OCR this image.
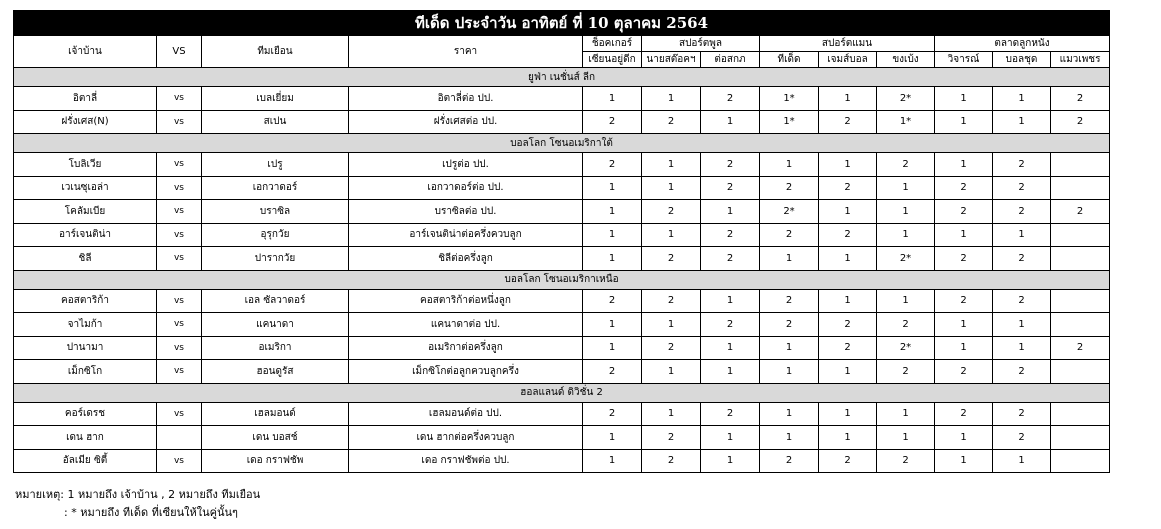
ทีเด็ด ประจำวัน อาทิตย์ ที่ 10 ตุลาคม 2564												
เจ้าบ้าน	VS	ทีมเยือน	ราคา	ช็อคเกอร์	สปอร์ตพูล		สปอร์ตแมน			ตลาดลูกหนัง		
				เซียนอยู่ดีก	นายสต๊อคฯ	ต่อสกภ	ทีเด็ด	เจมส์บอล	ขงเบ้ง	วิจารณ์	บอลชุด	แมวเพชร
ยูฟ่า เนชั่นส์ ลีก												
อิตาลี่	vs	เบลเยี่ยม	อิตาลี่ต่อ ปป.	1	1	2	1*	1	2*	1	1	2
ฝรั่งเศส(N)	vs	สเปน	ฝรั่งเศสต่อ ปป.	2	2	1	1*	2	1*	1	1	2
บอลโลก โซนอเมริกาใต้												
โบลิเวีย	vs	เปรู	เปรูต่อ ปป.	2	1	2	1	1	2	1	2	
เวเนซุเอล่า	vs	เอกวาดอร์	เอกวาดอร์ต่อ ปป.	1	1	2	2	2	1	2	2	
โคลัมเบีย	vs	บราซิล	บราซิลต่อ ปป.	1	2	1	2*	1	1	2	2	2
อาร์เจนติน่า	vs	อุรุกวัย	อาร์เจนติน่าต่อครึ่งควบลูก	1	1	2	2	2	1	1	1	
ชิลี	vs	ปารากวัย	ชิลีต่อครึ่งลูก	1	2	2	1	1	2*	2	2	
บอลโลก โซนอเมริกาเหนือ												
คอสตาริก้า	vs	เอล ซัลวาดอร์	คอสตาริก้าต่อหนึ่งลูก	2	2	1	2	1	1	2	2	
จาไมก้า	vs	แคนาดา	แคนาดาต่อ ปป.	1	1	2	2	2	2	1	1	
ปานามา	vs	อเมริกา	อเมริกาต่อครึ่งลูก	1	2	1	1	2	2*	1	1	2
เม็กซิโก	vs	ฮอนดูรัส	เม็กซิโกต่อลูกควบลูกครึ่ง	2	1	1	1	1	2	2	2	
ฮอลแลนด์ ดิวิชั่น 2												
คอร์เดรช	vs	เฮลมอนด์	เฮลมอนด์ต่อ ปป.	2	1	2	1	1	1	2	2	
เดน ฮาก		เดน บอสช์	เดน ฮากต่อครึ่งควบลูก	1	2	1	1	1	1	1	2	
อัลเมีย ซิตี้	vs	เดอ กราฟชัพ	เดอ กราฟชัพต่อ ปป.	1	2	1	2	2	2	1	1	
หมายเหตุ: 1 หมายถึง เจ้าบ้าน , 2 หมายถึง ทีมเยือน
: * หมายถึง ทีเด็ด ที่เซียนให้ในคู่นั้นๆ
